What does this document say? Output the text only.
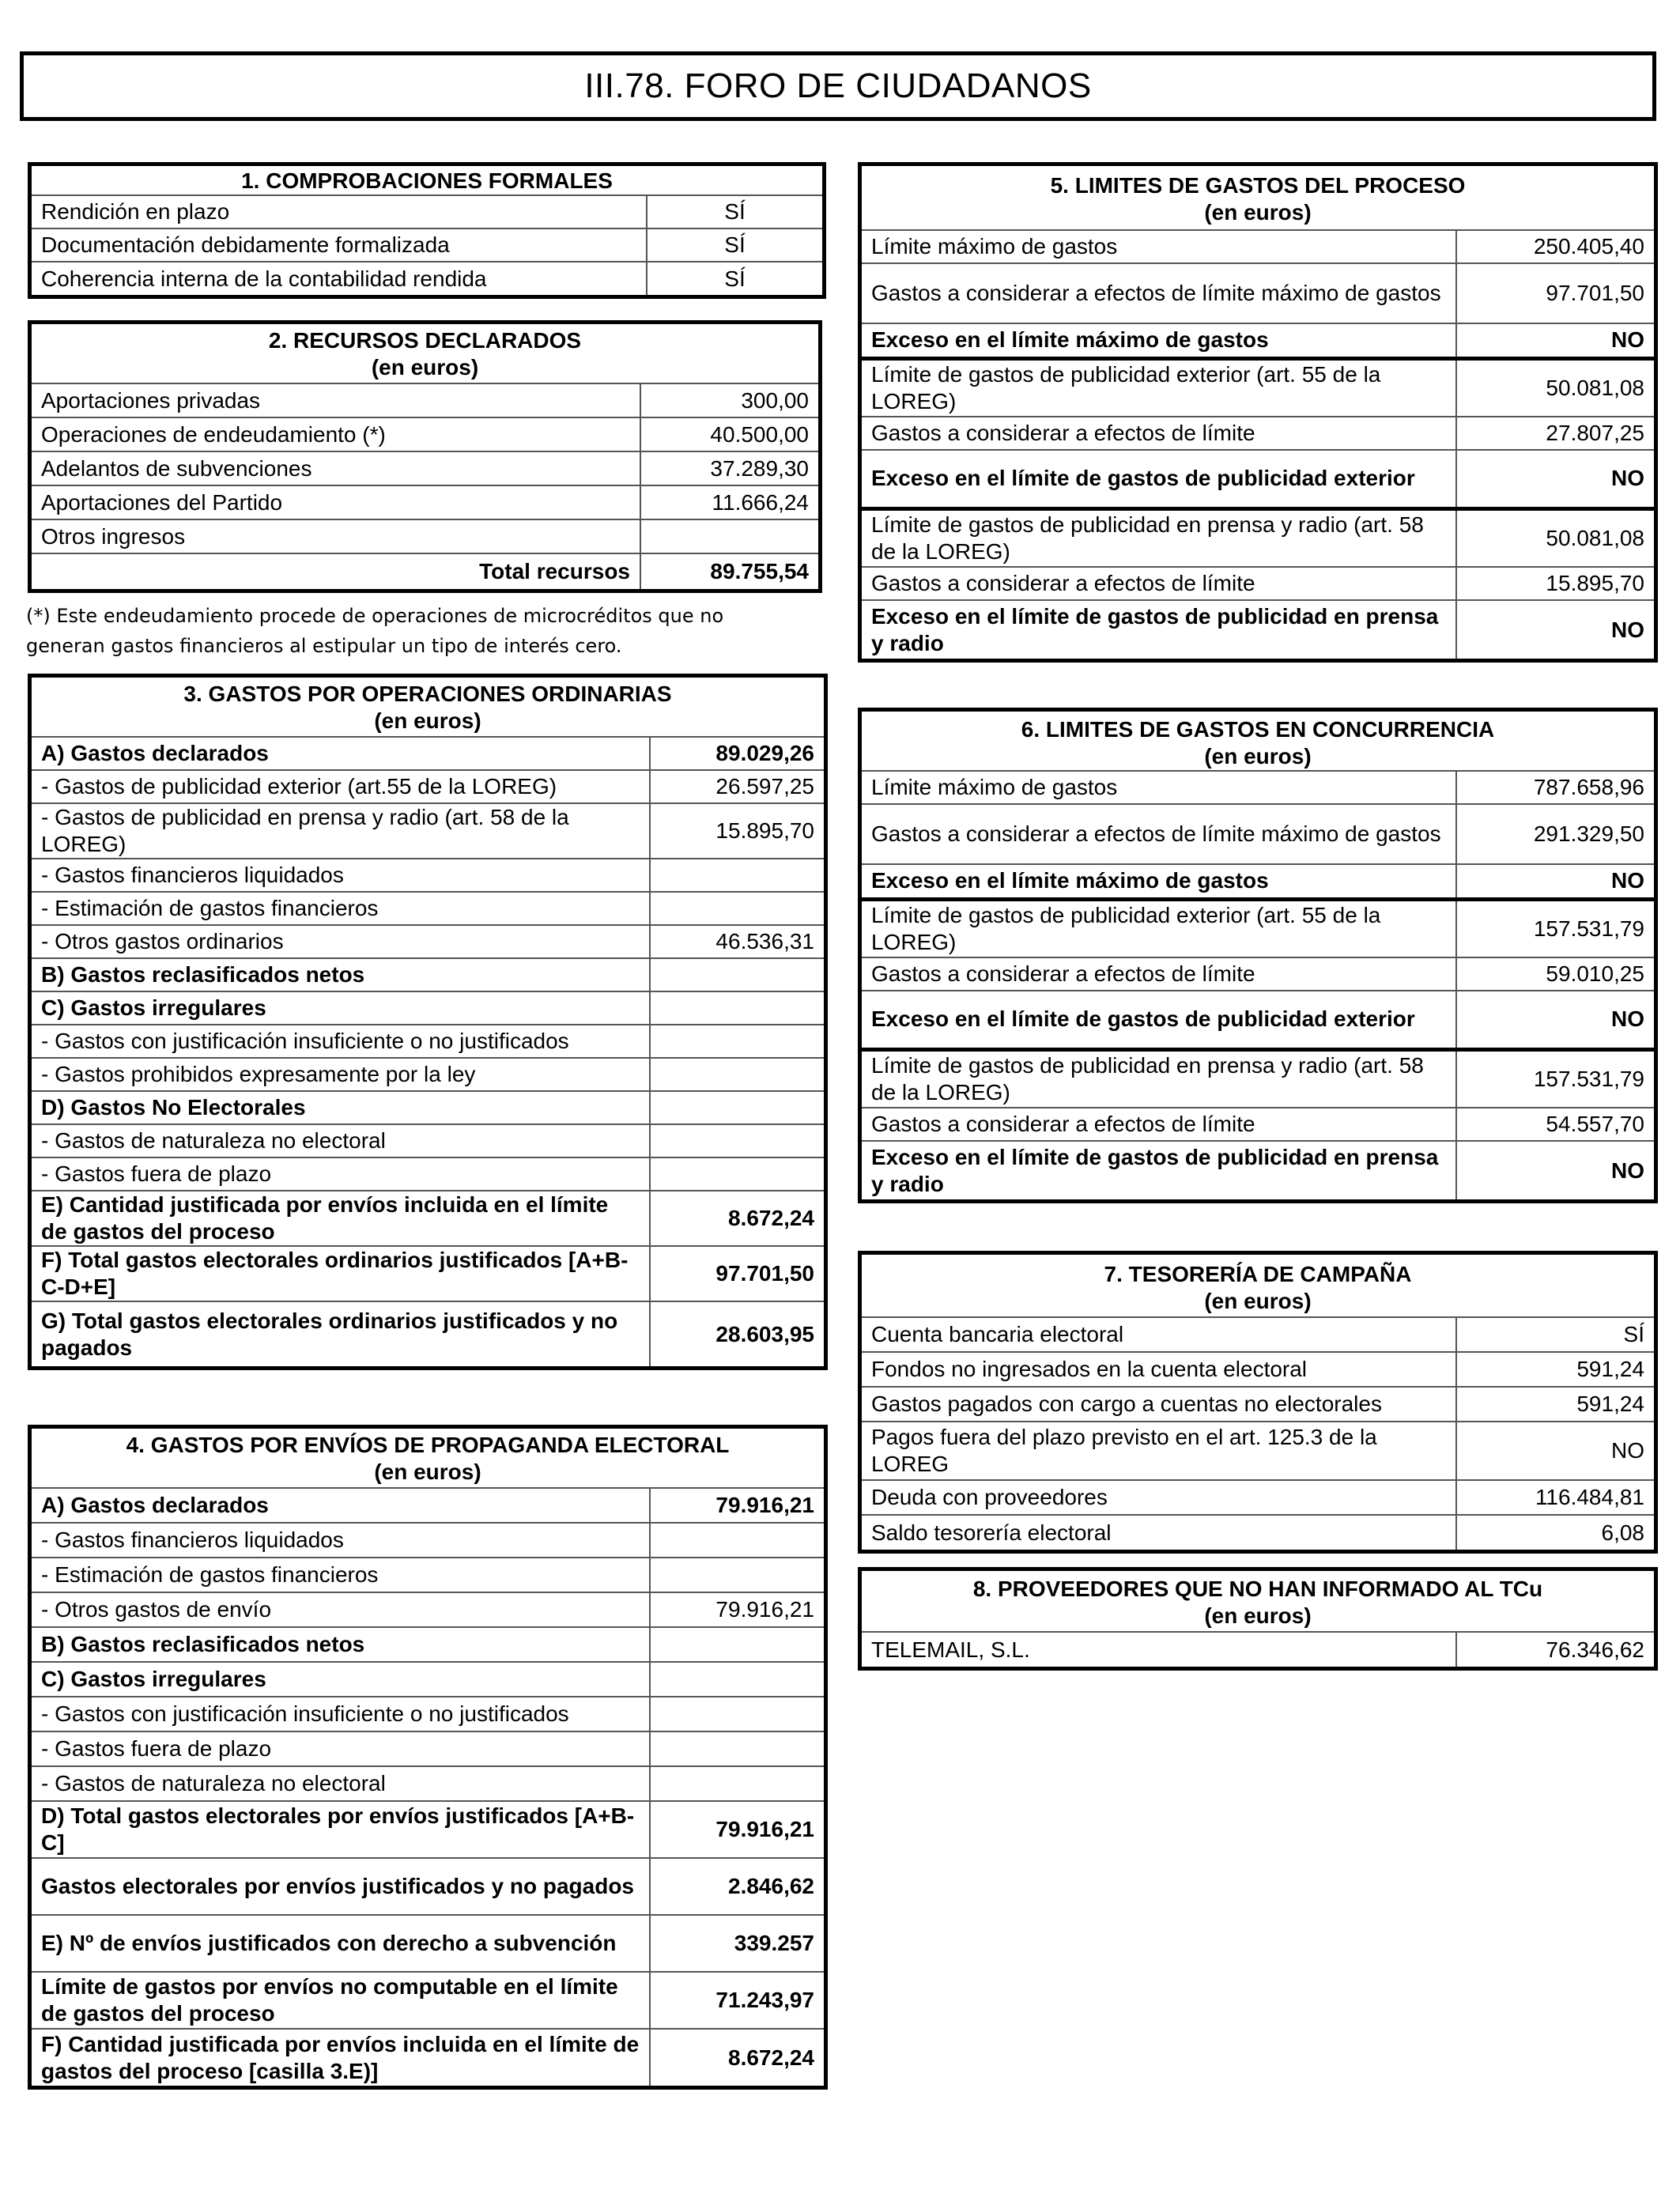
III.78. FORO DE CIUDADANOS
1. COMPROBACIONES FORMALES	
Rendición en plazo	SÍ
Documentación debidamente formalizada	SÍ
Coherencia interna de la contabilidad rendida	SÍ
2. RECURSOS DECLARADOS
(en euros)	

Aportaciones privadas	300,00
Operaciones de endeudamiento (*)	40.500,00
Adelantos de subvenciones	37.289,30
Aportaciones del Partido	11.666,24
Otros ingresos	
Total recursos	89.755,54
(*) Este endeudamiento procede de operaciones de microcréditos que no
generan gastos financieros al estipular un tipo de interés cero.
3. GASTOS POR OPERACIONES ORDINARIAS
(en euros)	

A) Gastos declarados	89.029,26
- Gastos de publicidad exterior (art.55 de la LOREG)	26.597,25
- Gastos de publicidad en prensa y radio (art. 58 de la LOREG)	15.895,70
- Gastos financieros liquidados	
- Estimación de gastos financieros	
- Otros gastos ordinarios	46.536,31
B) Gastos reclasificados netos	
C) Gastos irregulares	
- Gastos con justificación insuficiente o no justificados	
- Gastos prohibidos expresamente por la ley	
D) Gastos No Electorales	
- Gastos de naturaleza no electoral	
- Gastos fuera de plazo	
E) Cantidad justificada por envíos incluida en el límite de gastos del proceso	8.672,24
F) Total gastos electorales ordinarios justificados [A+B-C-D+E]	97.701,50
G) Total gastos electorales ordinarios justificados y no pagados	28.603,95
4. GASTOS POR ENVÍOS DE PROPAGANDA ELECTORAL
(en euros)	

A) Gastos declarados	79.916,21
- Gastos financieros liquidados	
- Estimación de gastos financieros	
- Otros gastos de envío	79.916,21
B) Gastos reclasificados netos	
C) Gastos irregulares	
- Gastos con justificación insuficiente o no justificados	
- Gastos fuera de plazo	
- Gastos de naturaleza no electoral	
D) Total gastos electorales por envíos justificados [A+B-C]	79.916,21
Gastos electorales por envíos justificados y no pagados	2.846,62
E) Nº de envíos justificados con derecho a subvención	339.257
Límite de gastos por envíos no computable en el límite de gastos del proceso	71.243,97
F) Cantidad justificada por envíos incluida en el límite de gastos del proceso [casilla 3.E)]	8.672,24
5. LIMITES DE GASTOS DEL PROCESO
(en euros)	

Límite máximo de gastos	250.405,40
Gastos a considerar a efectos de límite máximo de gastos	97.701,50
Exceso en el límite máximo de gastos	NO
Límite de gastos de publicidad exterior (art. 55 de la LOREG)	50.081,08
Gastos a considerar a efectos de límite	27.807,25
Exceso en el límite de gastos de publicidad exterior	NO
Límite de gastos de publicidad en prensa y radio (art. 58 de la LOREG)	50.081,08
Gastos a considerar a efectos de límite	15.895,70
Exceso en el límite de gastos de publicidad en prensa y radio	NO
6. LIMITES DE GASTOS EN CONCURRENCIA
(en euros)	

Límite máximo de gastos	787.658,96
Gastos a considerar a efectos de límite máximo de gastos	291.329,50
Exceso en el límite máximo de gastos	NO
Límite de gastos de publicidad exterior (art. 55 de la LOREG)	157.531,79
Gastos a considerar a efectos de límite	59.010,25
Exceso en el límite de gastos de publicidad exterior	NO
Límite de gastos de publicidad en prensa y radio (art. 58 de la LOREG)	157.531,79
Gastos a considerar a efectos de límite	54.557,70
Exceso en el límite de gastos de publicidad en prensa y radio	NO
7. TESORERÍA DE CAMPAÑA
(en euros)	

Cuenta bancaria electoral	SÍ
Fondos no ingresados en la cuenta electoral	591,24
Gastos pagados con cargo a cuentas no electorales	591,24
Pagos fuera del plazo previsto en el art. 125.3 de la LOREG	NO
Deuda con proveedores	116.484,81
Saldo tesorería electoral	6,08
8. PROVEEDORES QUE NO HAN INFORMADO AL TCu
(en euros)

TELEMAIL, S.L.	76.346,62
